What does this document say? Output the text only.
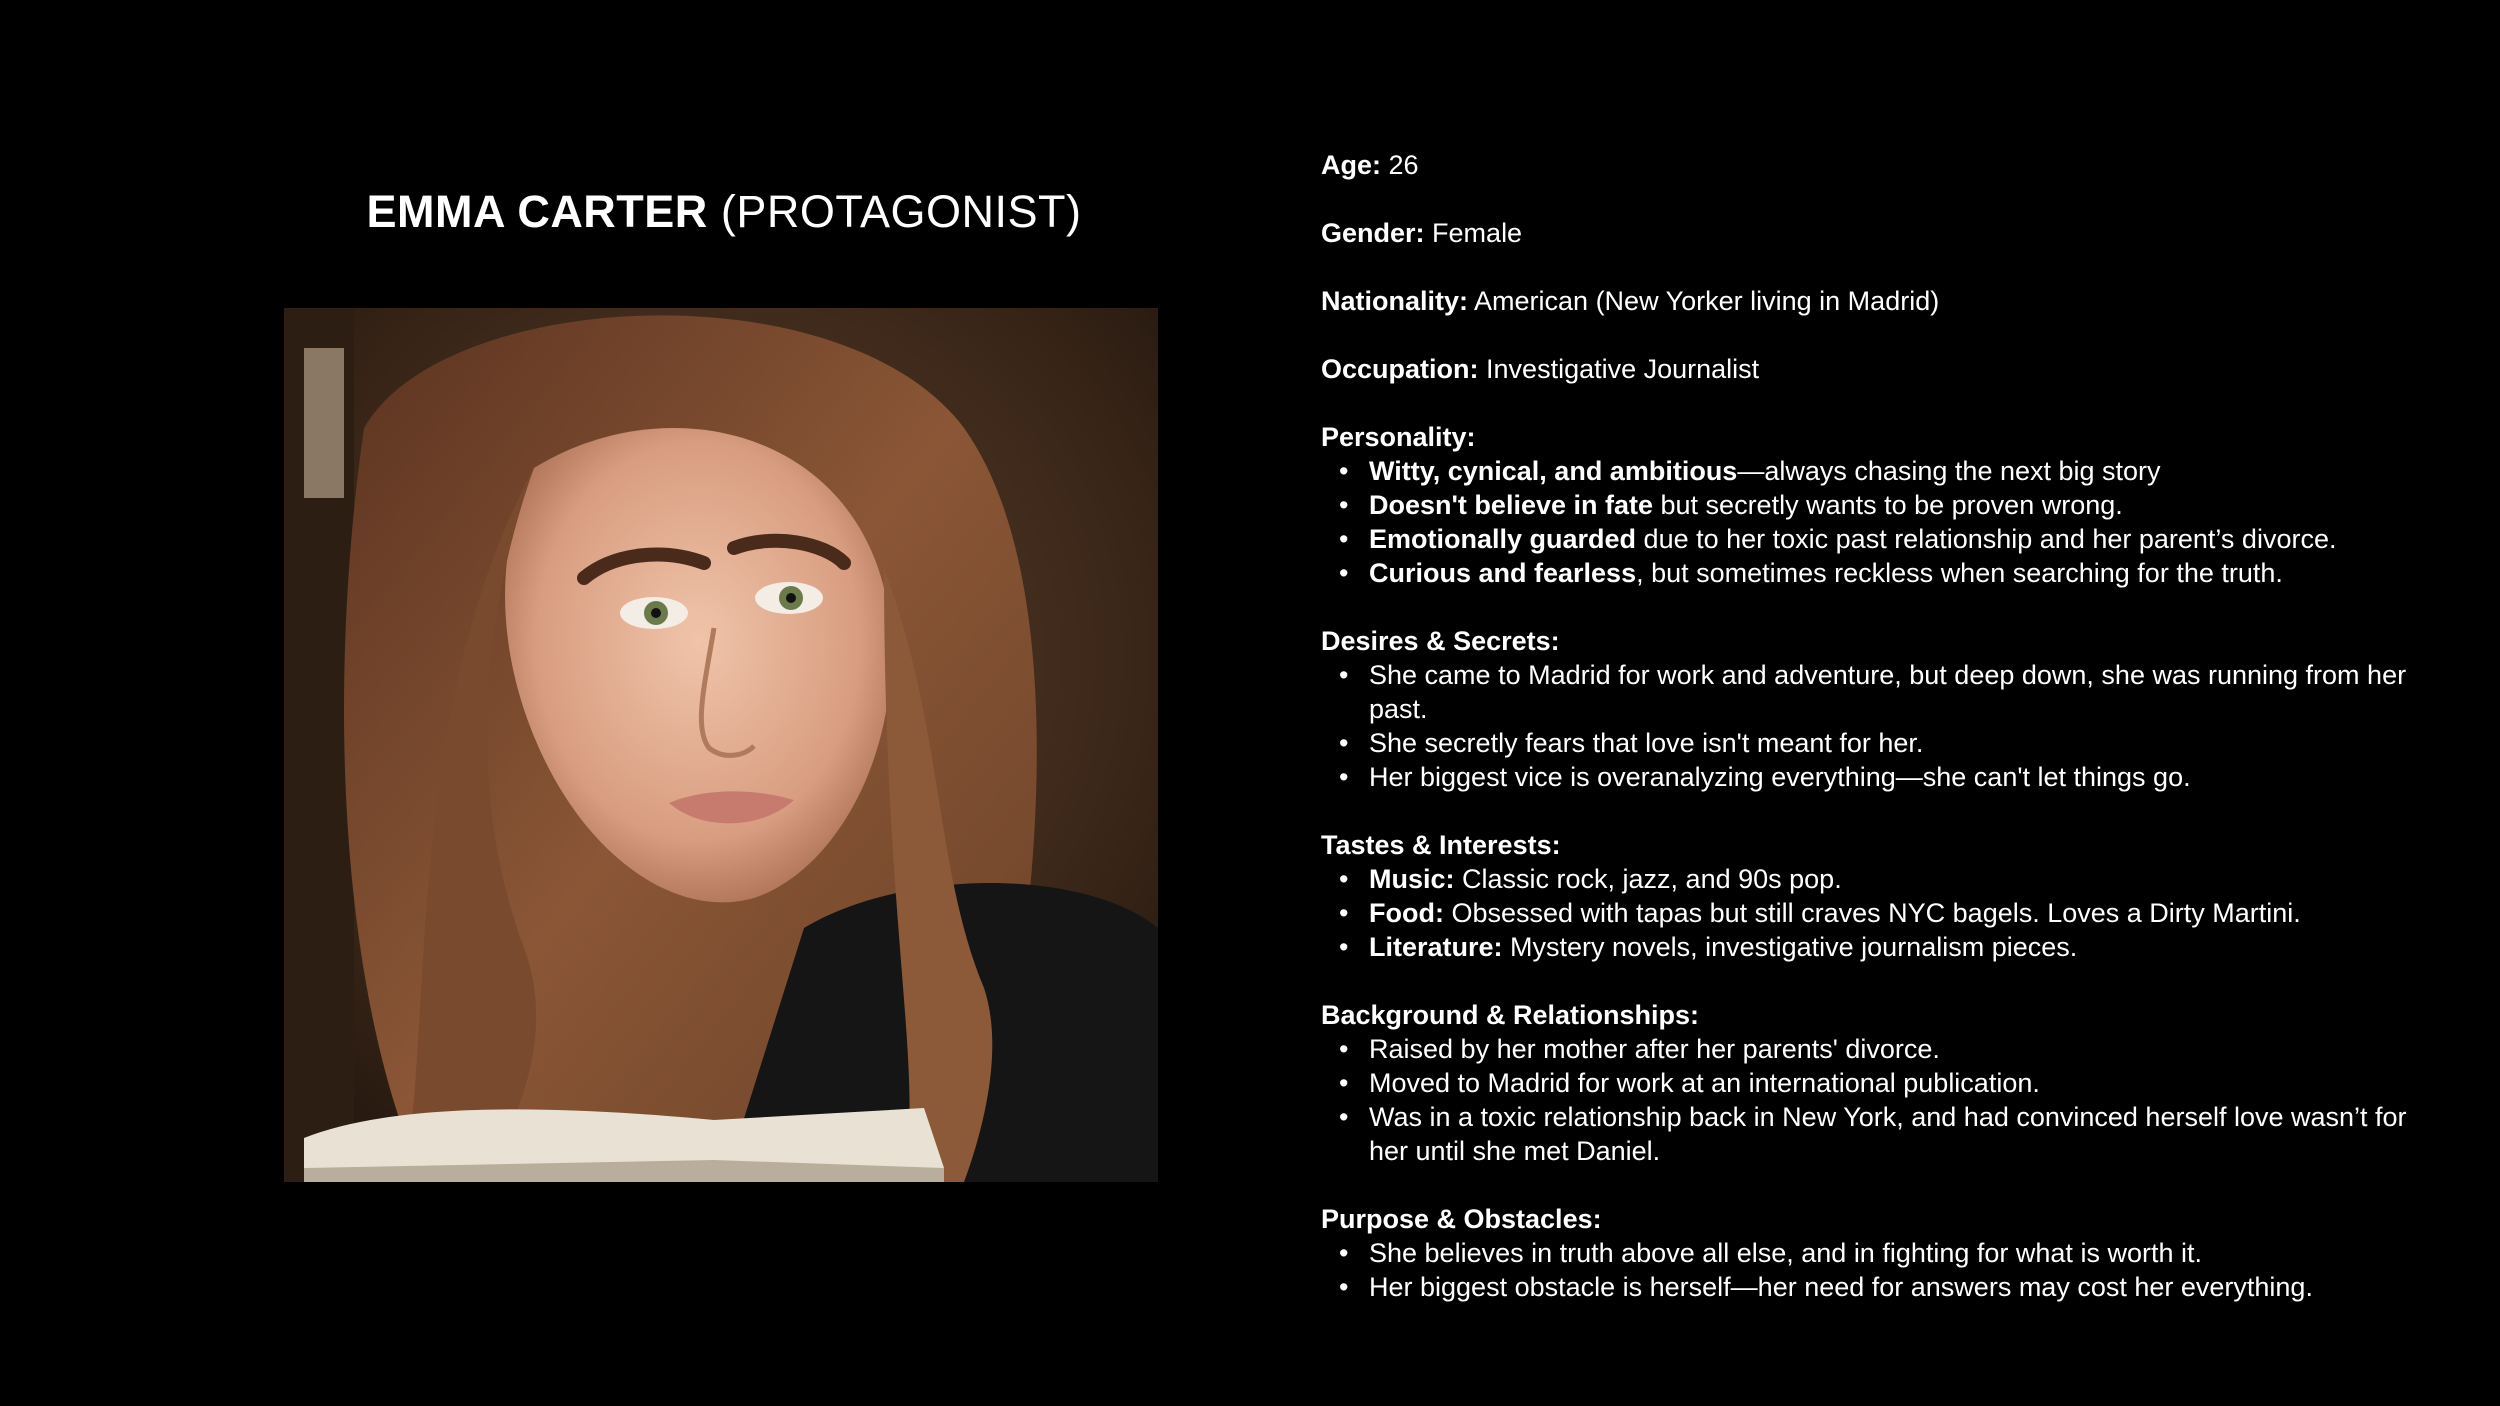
EMMA CARTER (PROTAGONIST)
Age: 26
Gender: Female
Nationality: American (New Yorker living in Madrid)
Occupation: Investigative Journalist

Personality:

• Witty, cynical, and ambitious—always chasing the next big story
• Doesn't believe in fate but secretly wants to be proven wrong.
• Emotionally guarded due to her toxic past relationship and her parent’s divorce.
• Curious and fearless, but sometimes reckless when searching for the truth.

Desires & Secrets:

• She came to Madrid for work and adventure, but deep down, she was running from her past.
• She secretly fears that love isn't meant for her.
• Her biggest vice is overanalyzing everything—she can't let things go.

Tastes & Interests:

• Music: Classic rock, jazz, and 90s pop.
• Food: Obsessed with tapas but still craves NYC bagels. Loves a Dirty Martini.
• Literature: Mystery novels, investigative journalism pieces.

Background & Relationships:

• Raised by her mother after her parents' divorce.
• Moved to Madrid for work at an international publication.
• Was in a toxic relationship back in New York, and had convinced herself love wasn’t for her until she met Daniel.

Purpose & Obstacles:

• She believes in truth above all else, and in fighting for what is worth it.
• Her biggest obstacle is herself—her need for answers may cost her everything.
